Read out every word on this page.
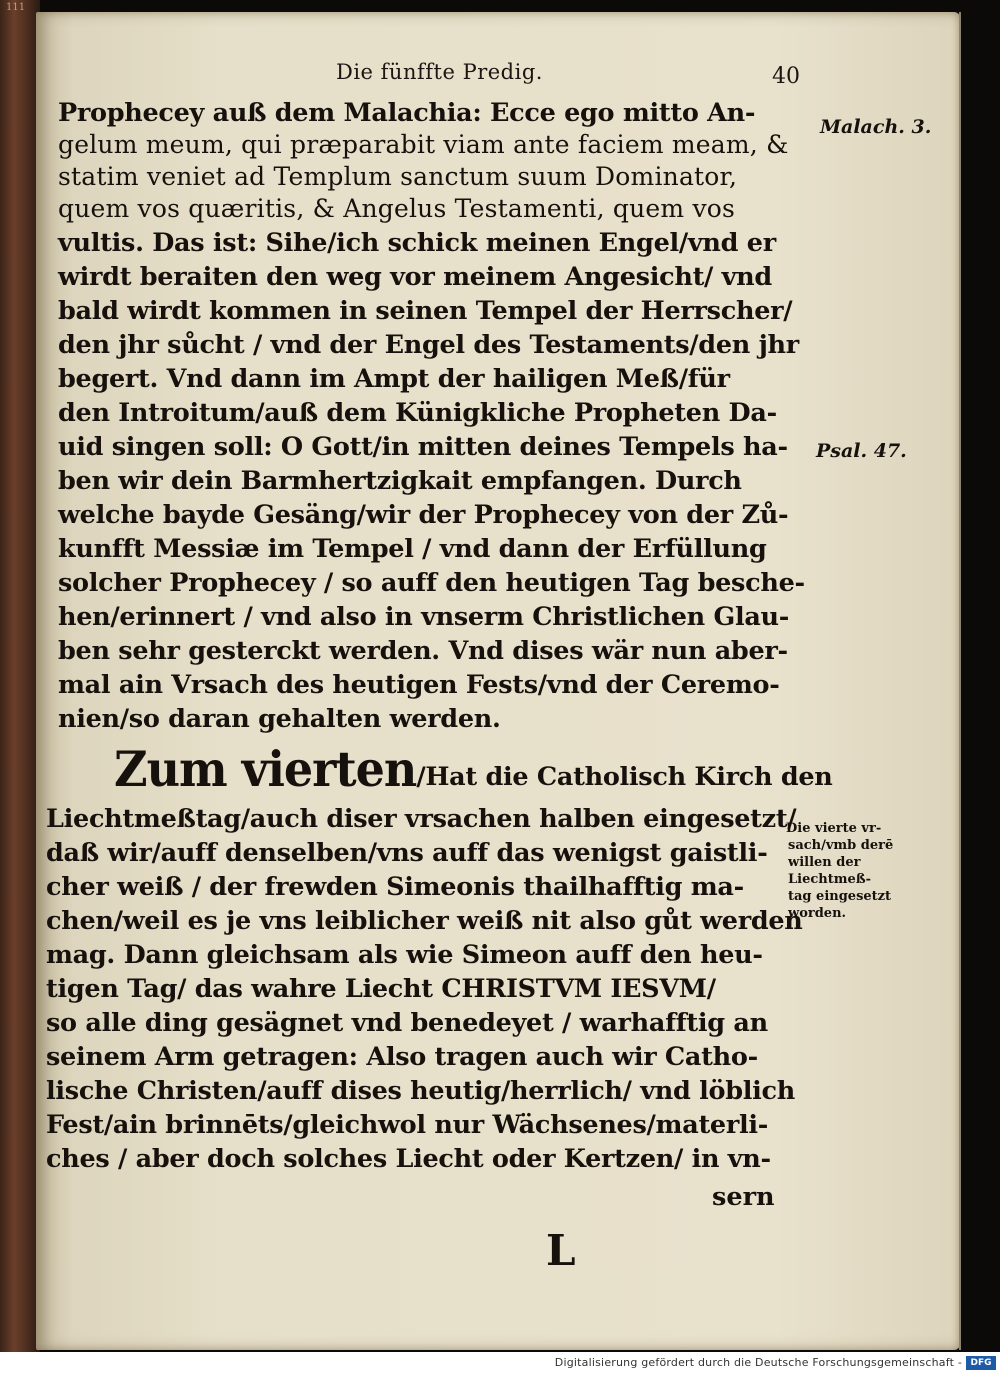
111
Die fünffte Predig.	40
Prophecey auß dem Malachia: Ecce ego mitto An-
gelum meum, qui præparabit viam ante faciem meam, &
statim veniet ad Templum sanctum suum Dominator,
quem vos quæritis, & Angelus Testamenti, quem vos
vultis. Das ist: Sihe/ich schick meinen Engel/vnd er
wirdt beraiten den weg vor meinem Angesicht/ vnd
bald wirdt kommen in seinen Tempel der Herrscher/
den jhr sůcht / vnd der Engel des Testaments/den jhr
begert. Vnd dann im Ampt der hailigen Meß/für
den Introitum/auß dem Künigkliche Propheten Da-
uid singen soll: O Gott/in mitten deines Tempels ha-
ben wir dein Barmhertzigkait empfangen. Durch
welche bayde Gesäng/wir der Prophecey von der Zů-
kunfft Messiæ im Tempel / vnd dann der Erfüllung
solcher Prophecey / so auff den heutigen Tag besche-
hen/erinnert / vnd also in vnserm Christlichen Glau-
ben sehr gesterckt werden. Vnd dises wär nun aber-
mal ain Vrsach des heutigen Fests/vnd der Ceremo-
nien/so daran gehalten werden.
Zum vierten/Hat die Catholisch Kirch den
Liechtmeßtag/auch diser vrsachen halben eingesetzt/
daß wir/auff denselben/vns auff das wenigst gaistli-
cher weiß / der frewden Simeonis thailhafftig ma-
chen/weil es je vns leiblicher weiß nit also gůt werden
mag. Dann gleichsam als wie Simeon auff den heu-
tigen Tag/ das wahre Liecht CHRISTVM IESVM/
so alle ding gesägnet vnd benedeyet / warhafftig an
seinem Arm getragen: Also tragen auch wir Catho-
lische Christen/auff dises heutig/herrlich/ vnd löblich
Fest/ain brinnēts/gleichwol nur Wächsenes/materli-
ches / aber doch solches Liecht oder Kertzen/ in vn-
L
sern
Malach. 3.
Psal. 47.
Die vierte vr-
sach/vmb derē
willen der
Liechtmeß-
tag eingesetzt
worden.
Digitalisierung gefördert durch die Deutsche Forschungsgemeinschaft - DFG
